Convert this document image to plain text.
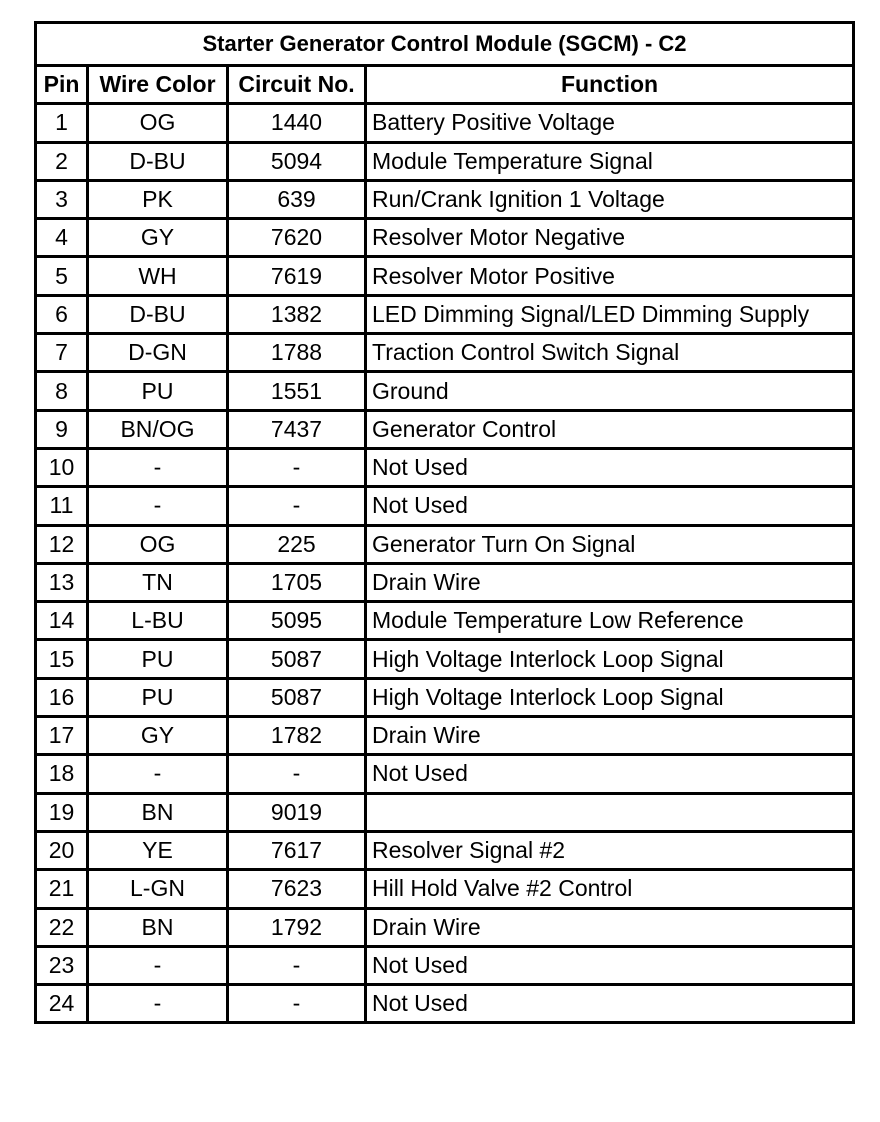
Starter Generator Control Module (SGCM) - C2			
Pin	Wire Color	Circuit No.	Function
1	OG	1440	Battery Positive Voltage
2	D-BU	5094	Module Temperature Signal
3	PK	639	Run/Crank Ignition 1 Voltage
4	GY	7620	Resolver Motor Negative
5	WH	7619	Resolver Motor Positive
6	D-BU	1382	LED Dimming Signal/LED Dimming Supply
7	D-GN	1788	Traction Control Switch Signal
8	PU	1551	Ground
9	BN/OG	7437	Generator Control
10	-	-	Not Used
11	-	-	Not Used
12	OG	225	Generator Turn On Signal
13	TN	1705	Drain Wire
14	L-BU	5095	Module Temperature Low Reference
15	PU	5087	High Voltage Interlock Loop Signal
16	PU	5087	High Voltage Interlock Loop Signal
17	GY	1782	Drain Wire
18	-	-	Not Used
19	BN	9019	
20	YE	7617	Resolver Signal #2
21	L-GN	7623	Hill Hold Valve #2 Control
22	BN	1792	Drain Wire
23	-	-	Not Used
24	-	-	Not Used
